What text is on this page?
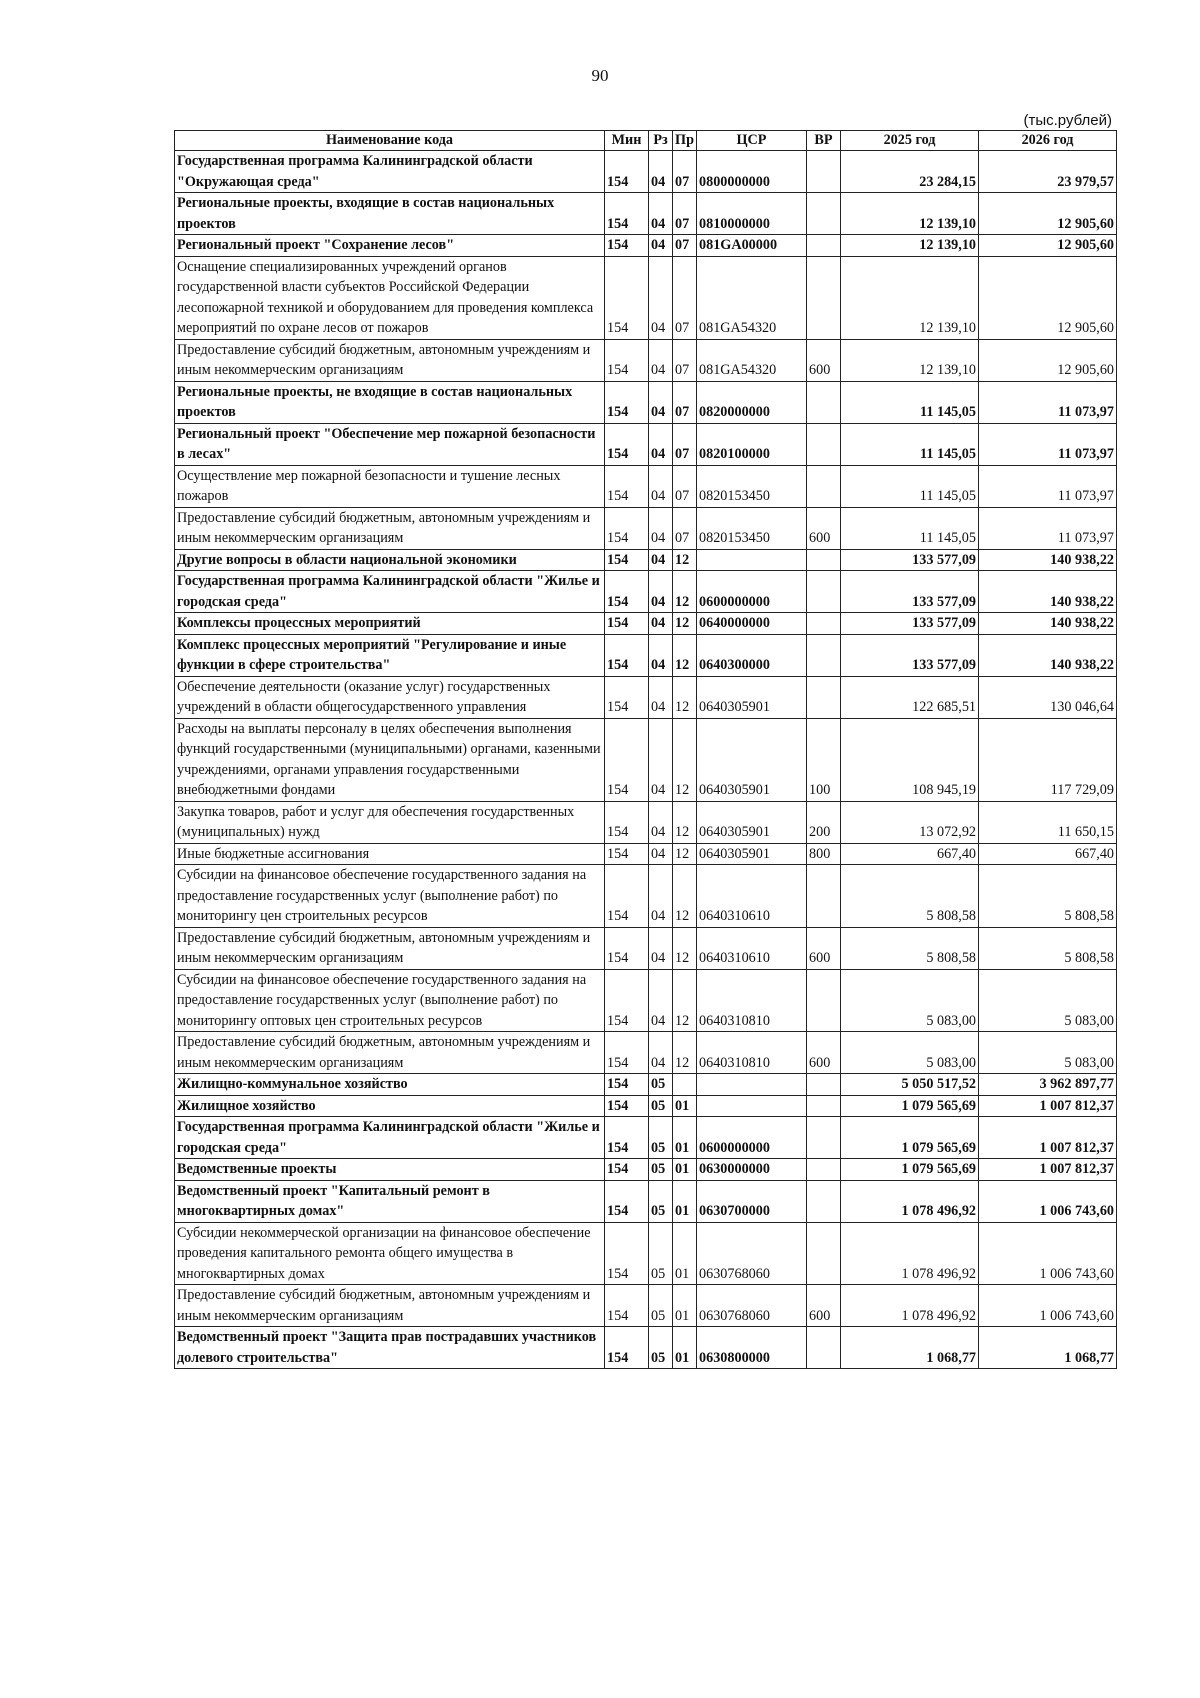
90
(тыс.рублей)
Наименование кода	Мин	Рз	Пр	ЦСР	ВР	2025 год	2026 год
Государственная программа Калининградской области "Окружающая среда"	154	04	07	0800000000		23 284,15	23 979,57
Региональные проекты, входящие в состав национальных проектов	154	04	07	0810000000		12 139,10	12 905,60
Региональный проект "Сохранение лесов"	154	04	07	081GA00000		12 139,10	12 905,60
Оснащение специализированных учреждений органов государственной власти субъектов Российской Федерации лесопожарной техникой и оборудованием для проведения комплекса мероприятий по охране лесов от пожаров	154	04	07	081GA54320		12 139,10	12 905,60
Предоставление субсидий бюджетным, автономным учреждениям и иным некоммерческим организациям	154	04	07	081GA54320	600	12 139,10	12 905,60
Региональные проекты, не входящие в состав национальных проектов	154	04	07	0820000000		11 145,05	11 073,97
Региональный проект "Обеспечение мер пожарной безопасности в лесах"	154	04	07	0820100000		11 145,05	11 073,97
Осуществление мер пожарной безопасности и тушение лесных пожаров	154	04	07	0820153450		11 145,05	11 073,97
Предоставление субсидий бюджетным, автономным учреждениям и иным некоммерческим организациям	154	04	07	0820153450	600	11 145,05	11 073,97
Другие вопросы в области национальной экономики	154	04	12			133 577,09	140 938,22
Государственная программа Калининградской области "Жилье и городская среда"	154	04	12	0600000000		133 577,09	140 938,22
Комплексы процессных мероприятий	154	04	12	0640000000		133 577,09	140 938,22
Комплекс процессных мероприятий "Регулирование и иные функции в сфере строительства"	154	04	12	0640300000		133 577,09	140 938,22
Обеспечение деятельности (оказание услуг) государственных учреждений в области общегосударственного управления	154	04	12	0640305901		122 685,51	130 046,64
Расходы на выплаты персоналу в целях обеспечения выполнения функций государственными (муниципальными) органами, казенными учреждениями, органами управления государственными внебюджетными фондами	154	04	12	0640305901	100	108 945,19	117 729,09
Закупка товаров, работ и услуг для обеспечения государственных (муниципальных) нужд	154	04	12	0640305901	200	13 072,92	11 650,15
Иные бюджетные ассигнования	154	04	12	0640305901	800	667,40	667,40
Субсидии на финансовое обеспечение государственного задания на предоставление государственных услуг (выполнение работ) по мониторингу цен строительных ресурсов	154	04	12	0640310610		5 808,58	5 808,58
Предоставление субсидий бюджетным, автономным учреждениям и иным некоммерческим организациям	154	04	12	0640310610	600	5 808,58	5 808,58
Субсидии на финансовое обеспечение государственного задания на предоставление государственных услуг (выполнение работ) по мониторингу оптовых цен строительных ресурсов	154	04	12	0640310810		5 083,00	5 083,00
Предоставление субсидий бюджетным, автономным учреждениям и иным некоммерческим организациям	154	04	12	0640310810	600	5 083,00	5 083,00
Жилищно-коммунальное хозяйство	154	05				5 050 517,52	3 962 897,77
Жилищное хозяйство	154	05	01			1 079 565,69	1 007 812,37
Государственная программа Калининградской области "Жилье и городская среда"	154	05	01	0600000000		1 079 565,69	1 007 812,37
Ведомственные проекты	154	05	01	0630000000		1 079 565,69	1 007 812,37
Ведомственный проект "Капитальный ремонт в многоквартирных домах"	154	05	01	0630700000		1 078 496,92	1 006 743,60
Субсидии некоммерческой организации на финансовое обеспечение проведения капитального ремонта общего имущества в многоквартирных домах	154	05	01	0630768060		1 078 496,92	1 006 743,60
Предоставление субсидий бюджетным, автономным учреждениям и иным некоммерческим организациям	154	05	01	0630768060	600	1 078 496,92	1 006 743,60
Ведомственный проект "Защита прав пострадавших участников долевого строительства"	154	05	01	0630800000		1 068,77	1 068,77
